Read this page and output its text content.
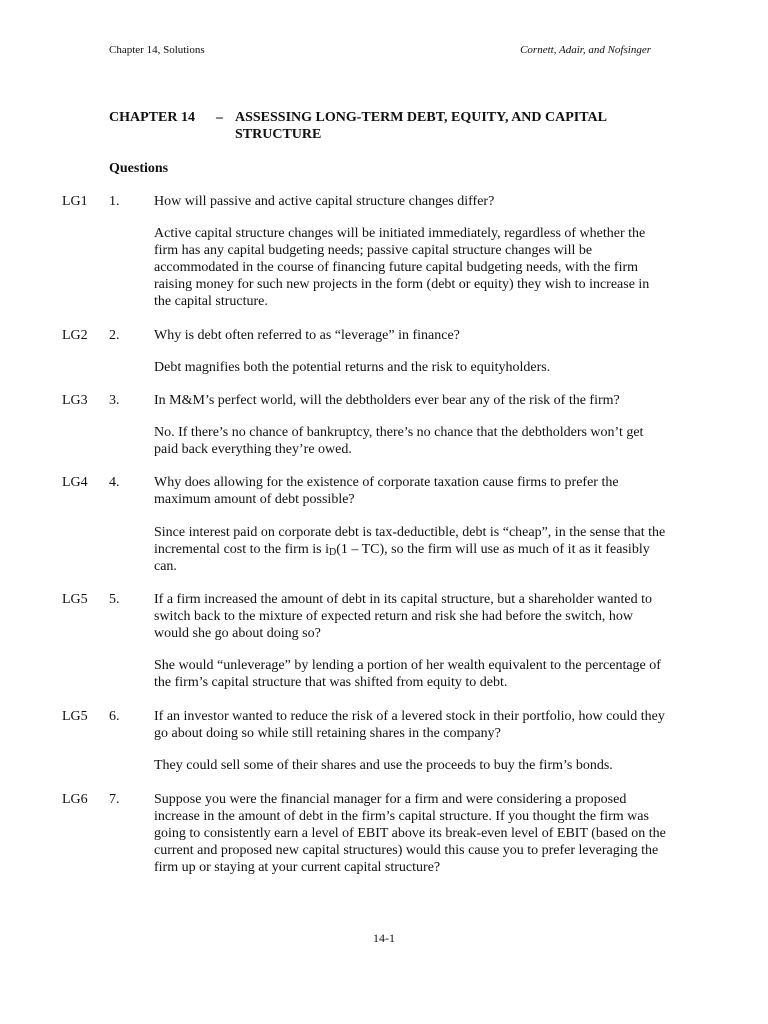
Chapter 14, Solutions	Cornett, Adair, and Nofsinger
CHAPTER 14 – ASSESSING LONG-TERM DEBT, EQUITY, AND CAPITAL STRUCTURE
Questions
LG1 1. How will passive and active capital structure changes differ?
Active capital structure changes will be initiated immediately, regardless of whether the firm has any capital budgeting needs; passive capital structure changes will be accommodated in the course of financing future capital budgeting needs, with the firm raising money for such new projects in the form (debt or equity) they wish to increase in the capital structure.
LG2 2. Why is debt often referred to as “leverage” in finance?
Debt magnifies both the potential returns and the risk to equityholders.
LG3 3. In M&M’s perfect world, will the debtholders ever bear any of the risk of the firm?
No. If there’s no chance of bankruptcy, there’s no chance that the debtholders won’t get paid back everything they’re owed.
LG4 4. Why does allowing for the existence of corporate taxation cause firms to prefer the maximum amount of debt possible?
Since interest paid on corporate debt is tax-deductible, debt is “cheap”, in the sense that the incremental cost to the firm is $i_D(1 - TC)$, so the firm will use as much of it as it feasibly can.
LG5 5. If a firm increased the amount of debt in its capital structure, but a shareholder wanted to switch back to the mixture of expected return and risk she had before the switch, how would she go about doing so?
She would “unleverage” by lending a portion of her wealth equivalent to the percentage of the firm’s capital structure that was shifted from equity to debt.
LG5 6. If an investor wanted to reduce the risk of a levered stock in their portfolio, how could they go about doing so while still retaining shares in the company?
They could sell some of their shares and use the proceeds to buy the firm’s bonds.
LG6 7. Suppose you were the financial manager for a firm and were considering a proposed increase in the amount of debt in the firm’s capital structure. If you thought the firm was going to consistently earn a level of EBIT above its break-even level of EBIT (based on the current and proposed new capital structures) would this cause you to prefer leveraging the firm up or staying at your current capital structure?
14-1
